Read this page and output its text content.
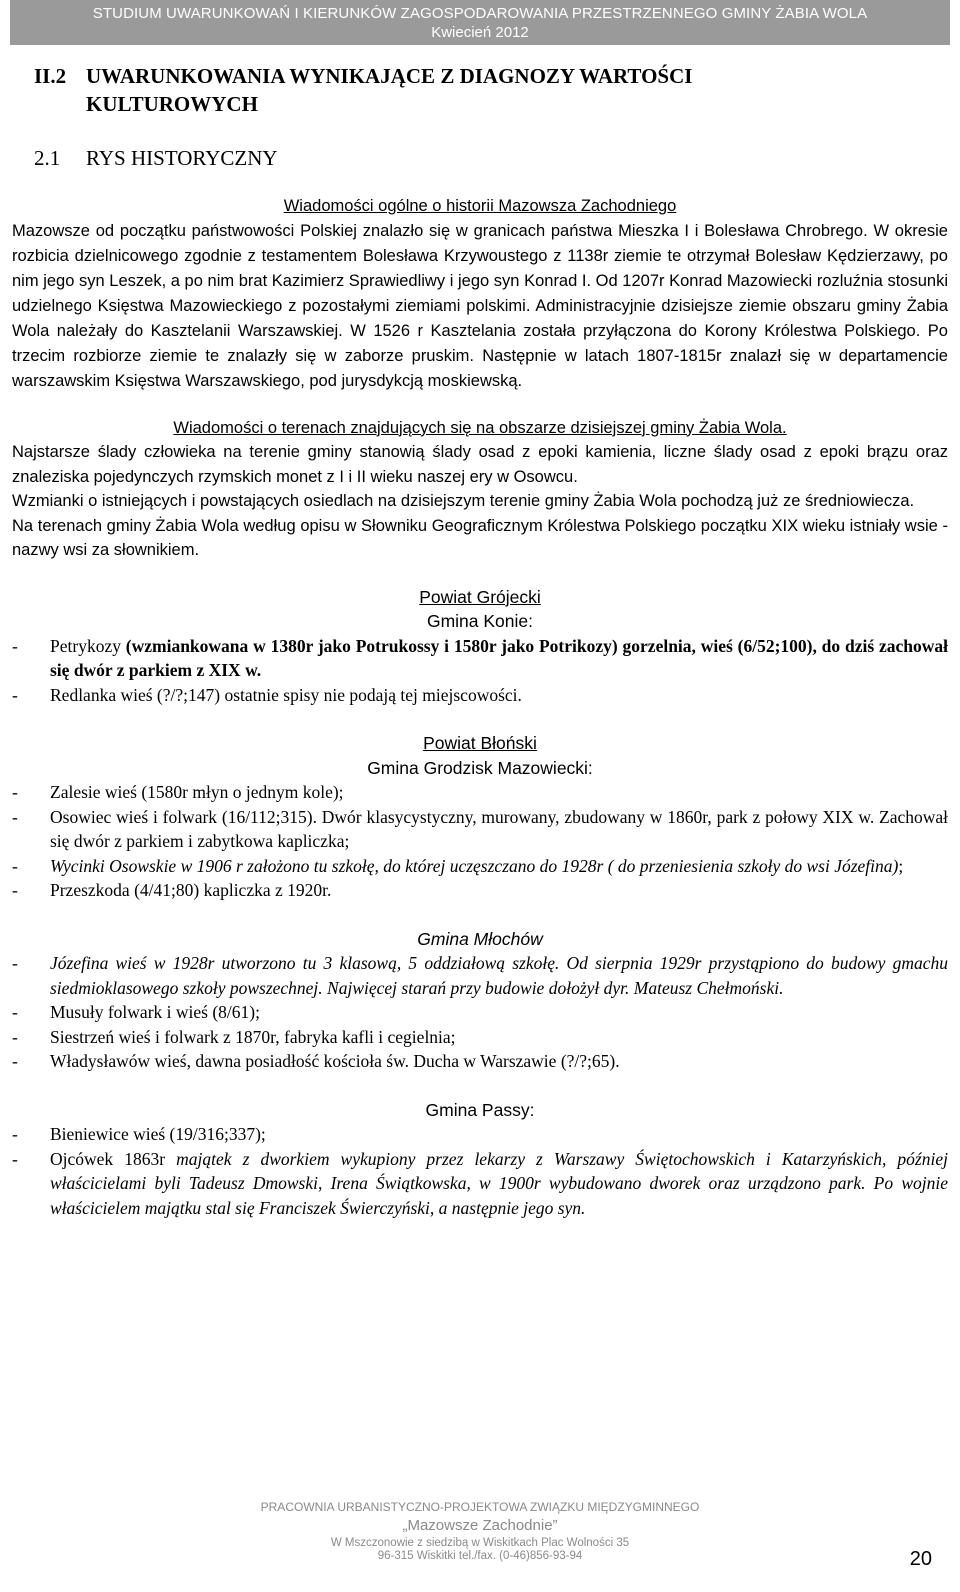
STUDIUM UWARUNKOWAŃ I KIERUNKÓW ZAGOSPODAROWANIA PRZESTRZENNEGO GMINY ŻABIA WOLA
Kwiecień 2012
II.2 UWARUNKOWANIA WYNIKAJĄCE Z DIAGNOZY WARTOŚCI
KULTUROWYCH
2.1 RYS HISTORYCZNY

Wiadomości ogólne o historii Mazowsza Zachodniego

Mazowsze od początku państwowości Polskiej znalazło się w granicach państwa Mieszka I i Bolesława Chrobrego. W okresie rozbicia dzielnicowego zgodnie z testamentem Bolesława Krzywoustego z 1138r ziemie te otrzymał Bolesław Kędzierzawy, po nim jego syn Leszek, a po nim brat Kazimierz Sprawiedliwy i jego syn Konrad I. Od 1207r Konrad Mazowiecki rozluźnia stosunki udzielnego Księstwa Mazowieckiego z pozostałymi ziemiami polskimi. Administracyjnie dzisiejsze ziemie obszaru gminy Żabia Wola należały do Kasztelanii Warszawskiej. W 1526 r Kasztelania została przyłączona do Korony Królestwa Polskiego. Po trzecim rozbiorze ziemie te znalazły się w zaborze pruskim. Następnie w latach 1807-1815r znalazł się w departamencie warszawskim Księstwa Warszawskiego, pod jurysdykcją moskiewską.

Wiadomości o terenach znajdujących się na obszarze dzisiejszej gminy Żabia Wola.

Najstarsze ślady człowieka na terenie gminy stanowią ślady osad z epoki kamienia, liczne ślady osad z epoki brązu oraz znaleziska pojedynczych rzymskich monet z I i II wieku naszej ery w Osowcu.

Wzmianki o istniejących i powstających osiedlach na dzisiejszym terenie gminy Żabia Wola pochodzą już ze średniowiecza.

Na terenach gminy Żabia Wola według opisu w Słowniku Geograficznym Królestwa Polskiego początku XIX wieku istniały wsie - nazwy wsi za słownikiem.

Powiat Grójecki
Gmina Konie:
- Petrykozy (wzmiankowana w 1380r jako Potrukossy i 1580r jako Potrikozy) gorzelnia, wieś (6/52;100), do dziś zachował się dwór z parkiem z XIX w.
- Redlanka wieś (?/?;147) ostatnie spisy nie podają tej miejscowości.
Powiat Błoński
Gmina Grodzisk Mazowiecki:
- Zalesie wieś (1580r młyn o jednym kole);
- Osowiec wieś i folwark (16/112;315). Dwór klasycystyczny, murowany, zbudowany w 1860r, park z połowy XIX w. Zachował się dwór z parkiem i zabytkowa kapliczka;
- Wycinki Osowskie w 1906 r założono tu szkołę, do której uczęszczano do 1928r ( do przeniesienia szkoły do wsi Józefina);
- Przeszkoda (4/41;80) kapliczka z 1920r.
Gmina Młochów
- Józefina wieś w 1928r utworzono tu 3 klasową, 5 oddziałową szkołę. Od sierpnia 1929r przystąpiono do budowy gmachu siedmioklasowego szkoły powszechnej. Najwięcej starań przy budowie dołożył dyr. Mateusz Chełmoński.
- Musuły folwark i wieś (8/61);
- Siestrzeń wieś i folwark z 1870r, fabryka kafli i cegielnia;
- Władysławów wieś, dawna posiadłość kościoła św. Ducha w Warszawie (?/?;65).
Gmina Passy:
- Bieniewice wieś (19/316;337);
- Ojcówek 1863r majątek z dworkiem wykupiony przez lekarzy z Warszawy Świętochowskich i Katarzyńskich, później właścicielami byli Tadeusz Dmowski, Irena Świątkowska, w 1900r wybudowano dworek oraz urządzono park. Po wojnie właścicielem majątku stal się Franciszek Świerczyński, a następnie jego syn.
PRACOWNIA URBANISTYCZNO-PROJEKTOWA ZWIĄZKU MIĘDZYGMINNEGO
„Mazowsze Zachodnie”
W Mszczonowie z siedzibą w Wiskitkach Plac Wolności 35
96-315 Wiskitki tel./fax. (0-46)856-93-94	20
